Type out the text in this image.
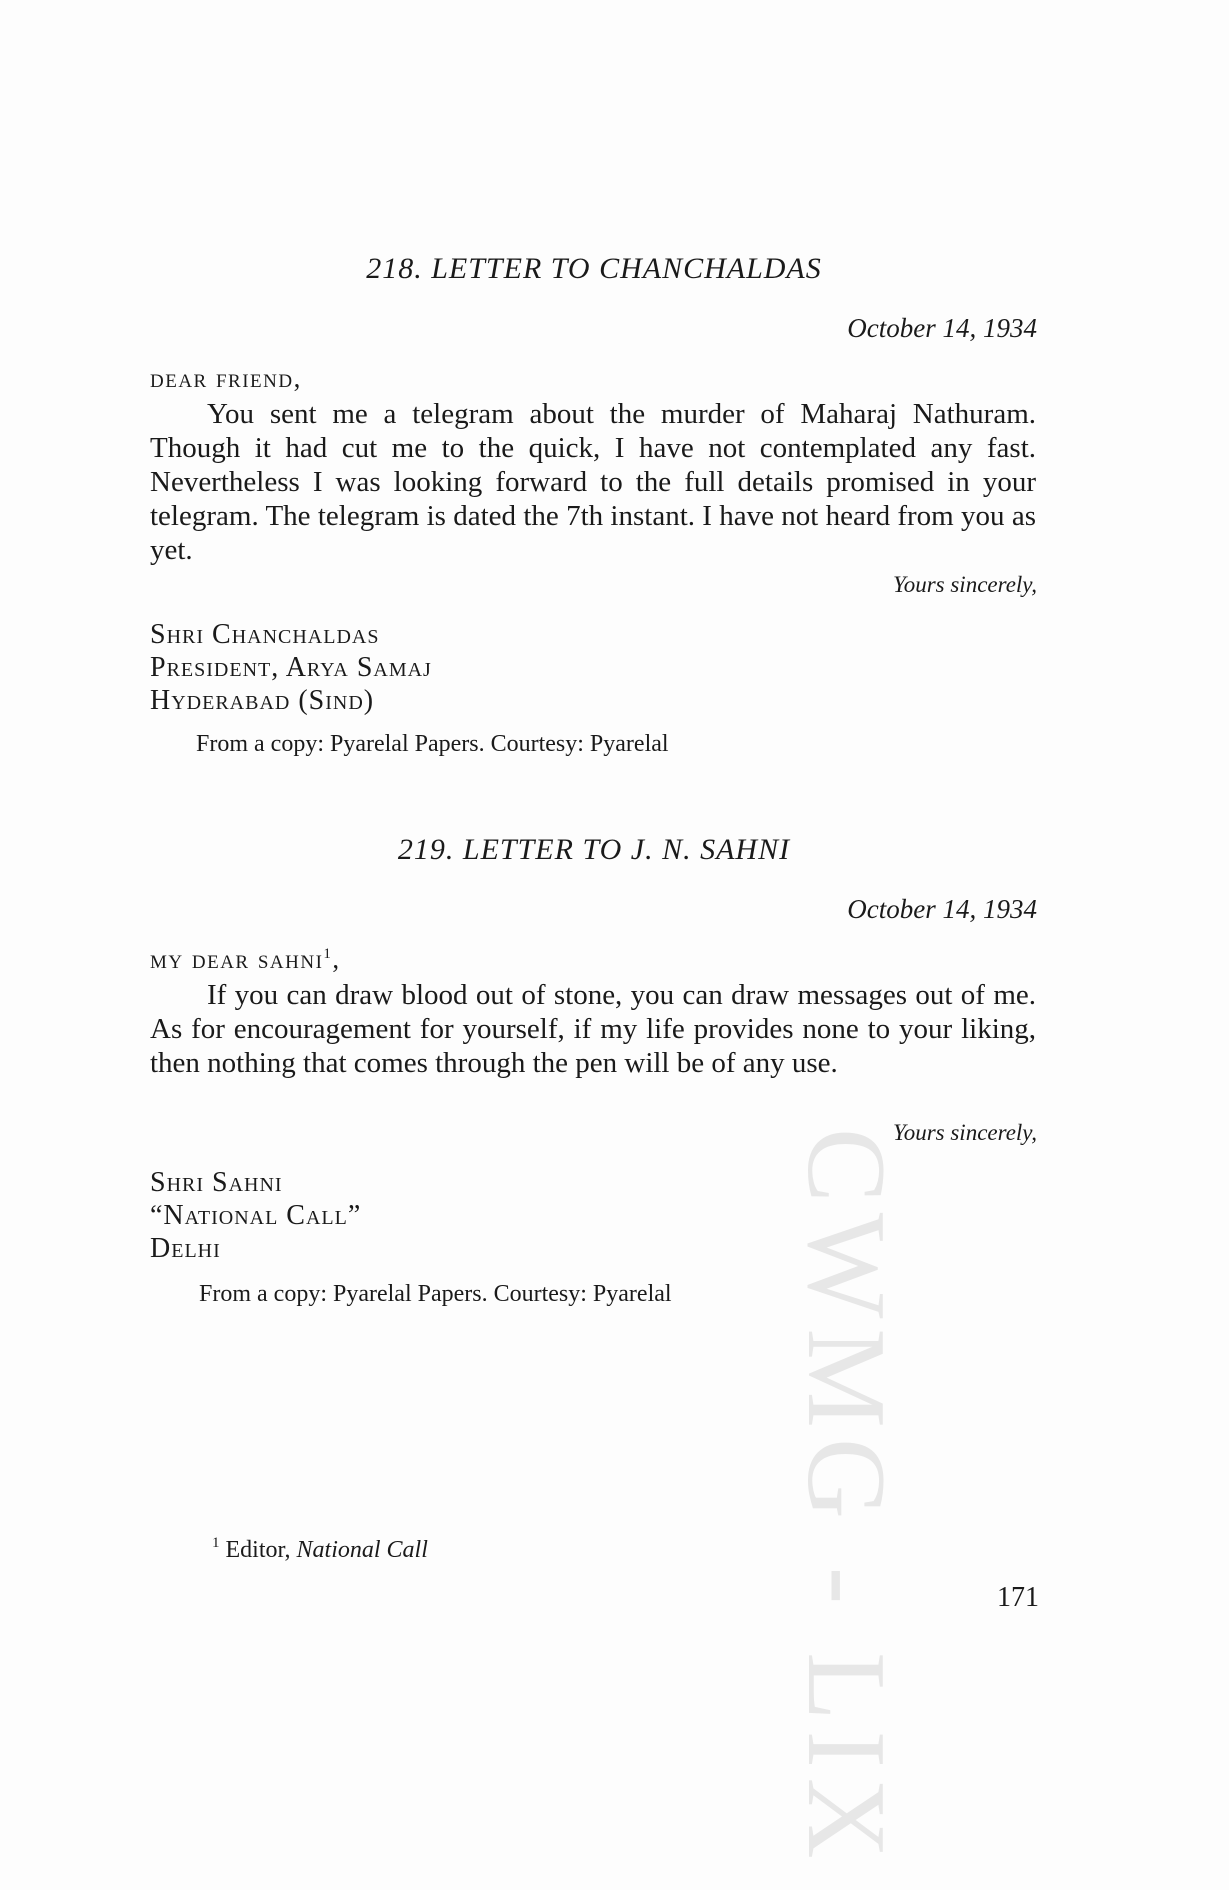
CWMG - LIX
218. LETTER TO CHANCHALDAS
October 14, 1934
dear friend,
You sent me a telegram about the murder of Maharaj Nathuram. Though it had cut me to the quick, I have not contemplated any fast. Nevertheless I was looking forward to the full details promised in your telegram. The telegram is dated the 7th instant. I have not heard from you as yet.
Yours sincerely,
Shri Chanchaldas
President, Arya Samaj
Hyderabad (Sind)
From a copy: Pyarelal Papers. Courtesy: Pyarelal
219. LETTER TO J. N. SAHNI
October 14, 1934
my dear sahni$^1$,
If you can draw blood out of stone, you can draw messages out of me. As for encouragement for yourself, if my life provides none to your liking, then nothing that comes through the pen will be of any use.
Yours sincerely,
Shri Sahni
“National Call”
Delhi
From a copy: Pyarelal Papers. Courtesy: Pyarelal
$^1$ Editor, National Call
171
